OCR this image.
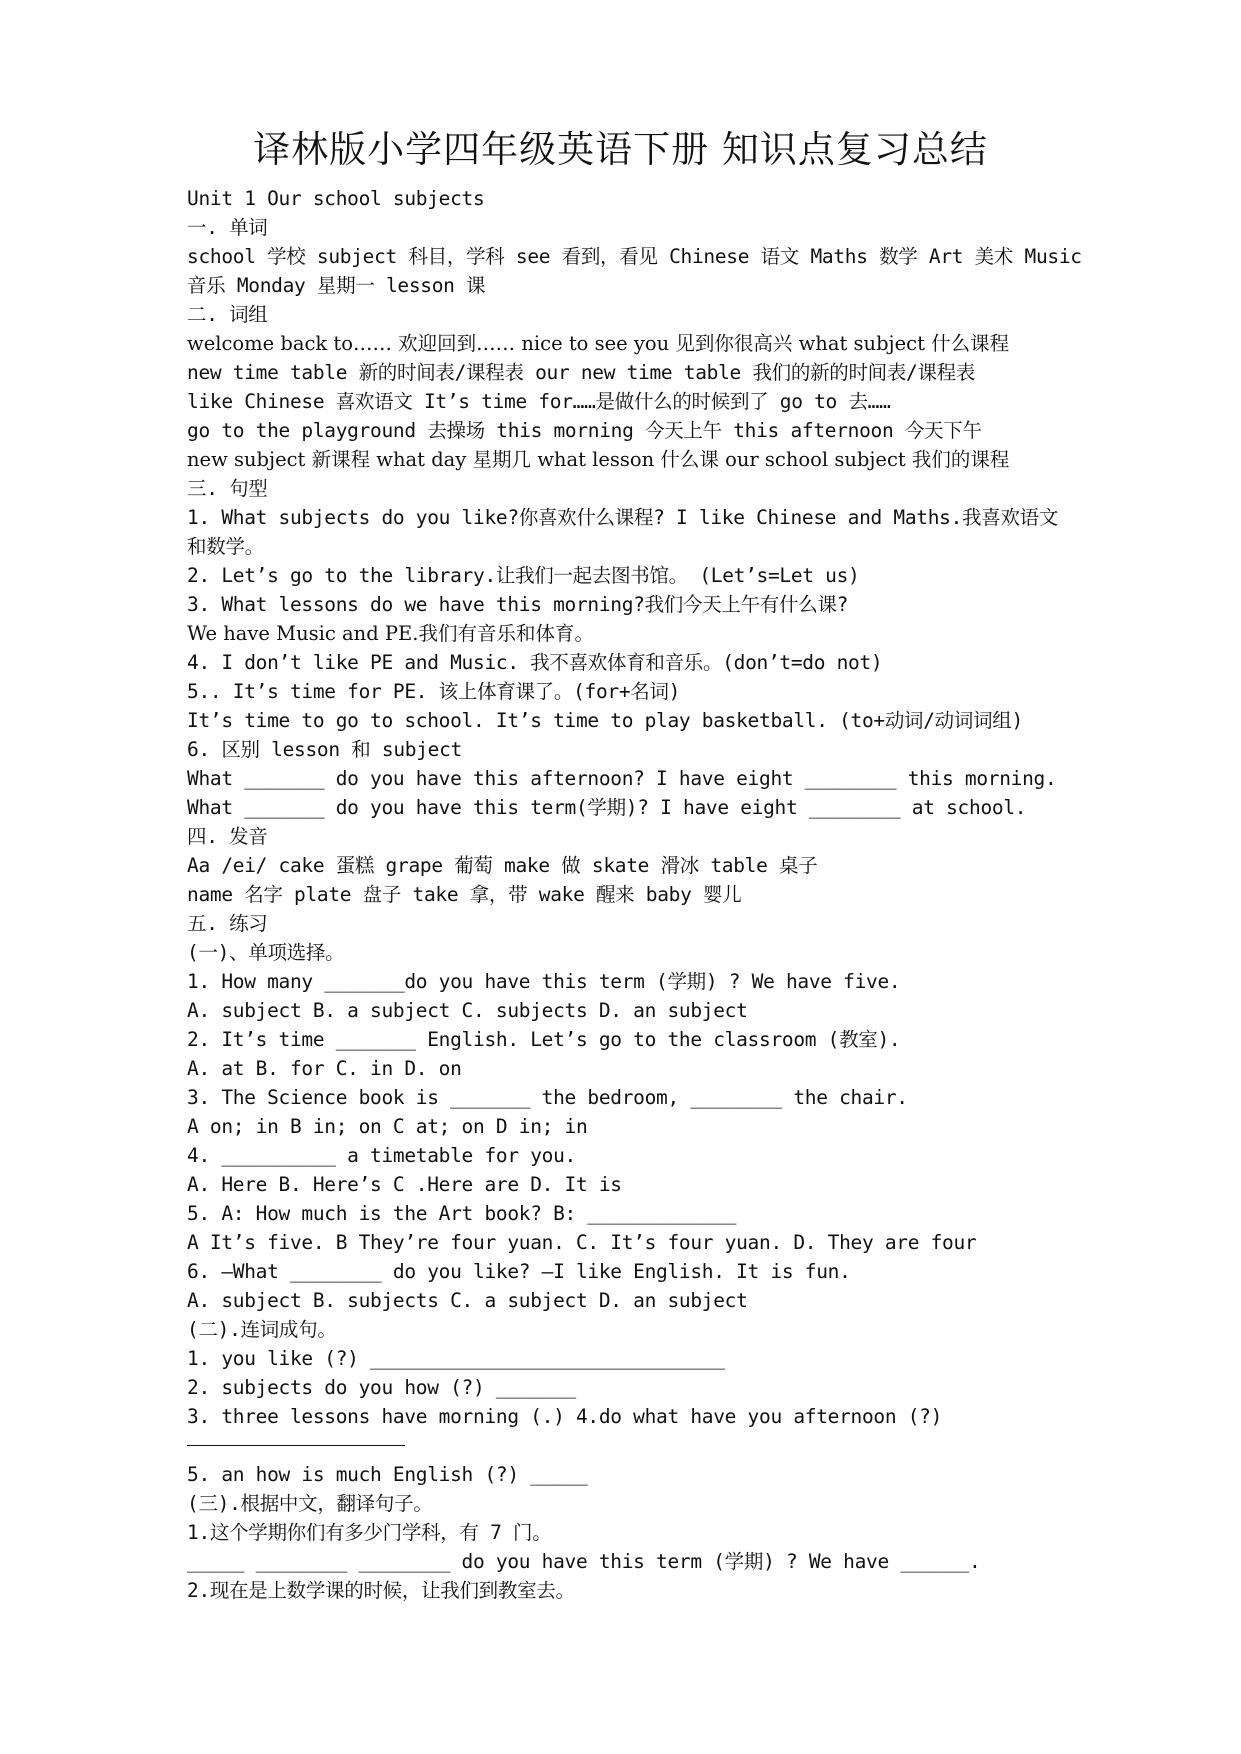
译林版小学四年级英语下册 知识点复习总结
Unit 1 Our school subjects
一. 单词
school 学校 subject 科目，学科 see 看到，看见 Chinese 语文 Maths 数学 Art 美术 Music
音乐 Monday 星期一 lesson 课
二. 词组
welcome back to…… 欢迎回到…… nice to see you 见到你很高兴 what subject 什么课程
new time table 新的时间表/课程表 our new time table 我们的新的时间表/课程表
like Chinese 喜欢语文 It’s time for……是做什么的时候到了 go to 去……
go to the playground 去操场 this morning 今天上午 this afternoon 今天下午
new subject 新课程 what day 星期几 what lesson 什么课 our school subject 我们的课程
三. 句型
1. What subjects do you like?你喜欢什么课程? I like Chinese and Maths.我喜欢语文
和数学。
2. Let’s go to the library.让我们一起去图书馆。 (Let’s=Let us)
3. What lessons do we have this morning?我们今天上午有什么课?
We have Music and PE.我们有音乐和体育。
4. I don’t like PE and Music. 我不喜欢体育和音乐。(don’t=do not)
5.. It’s time for PE. 该上体育课了。(for+名词)
It’s time to go to school. It’s time to play basketball. (to+动词/动词词组)
6. 区别 lesson 和 subject
What _______ do you have this afternoon? I have eight ________ this morning.
What _______ do you have this term(学期)? I have eight ________ at school.
四. 发音
Aa /ei/ cake 蛋糕 grape 葡萄 make 做 skate 滑冰 table 桌子
name 名字 plate 盘子 take 拿，带 wake 醒来 baby 婴儿
五. 练习
(一)、单项选择。
1. How many _______do you have this term (学期) ? We have five.
A. subject B. a subject C. subjects D. an subject
2. It’s time _______ English. Let’s go to the classroom (教室).
A. at B. for C. in D. on
3. The Science book is _______ the bedroom, ________ the chair.
A on; in B in; on C at; on D in; in
4. __________ a timetable for you.
A. Here B. Here’s C .Here are D. It is
5. A: How much is the Art book? B: _____________
A It’s five. B They’re four yuan. C. It’s four yuan. D. They are four
6. —What ________ do you like? —I like English. It is fun.
A. subject B. subjects C. a subject D. an subject
(二).连词成句。
1. you like (?) _______________________________
2. subjects do you how (?) _______
3. three lessons have morning (.) 4.do what have you afternoon (?)
5. an how is much English (?) _____
(三).根据中文，翻译句子。
1.这个学期你们有多少门学科，有 7 门。
_____ ________ ________ do you have this term (学期) ? We have ______.
2.现在是上数学课的时候，让我们到教室去。
